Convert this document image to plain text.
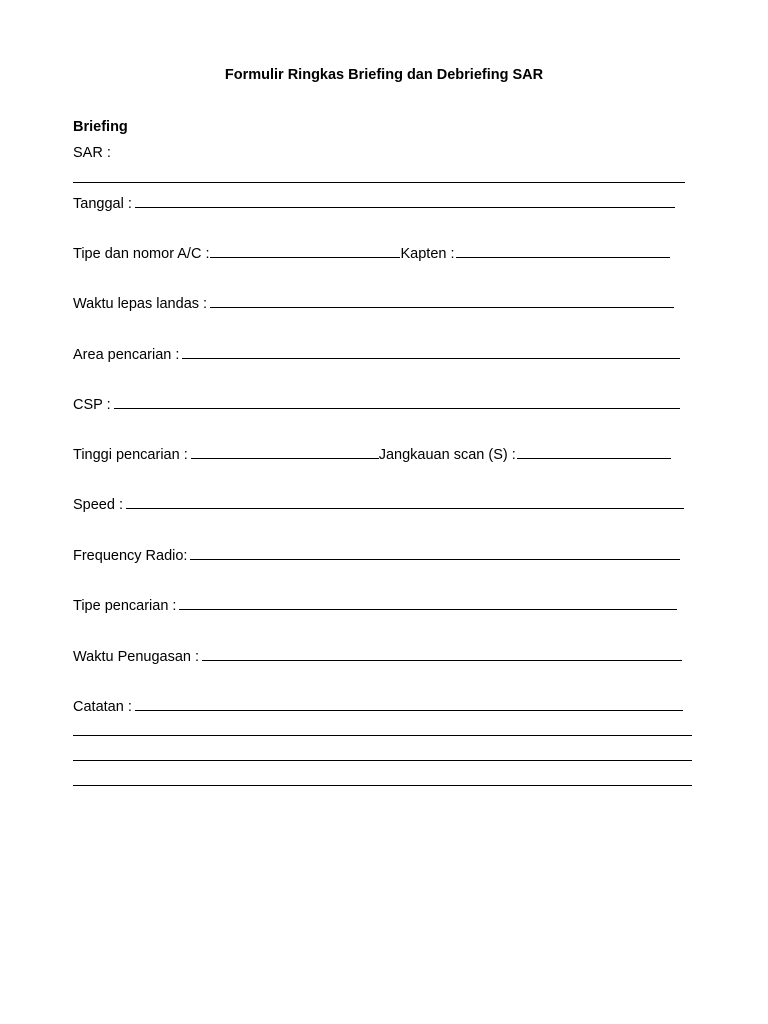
Formulir Ringkas Briefing dan Debriefing SAR
Briefing
SAR :
Tanggal :
Tipe dan nomor A/C :	Kapten :
Waktu lepas landas :
Area pencarian :
CSP :
Tinggi pencarian :	Jangkauan scan (S) :
Speed :
Frequency Radio:
Tipe pencarian :
Waktu Penugasan :
Catatan :
